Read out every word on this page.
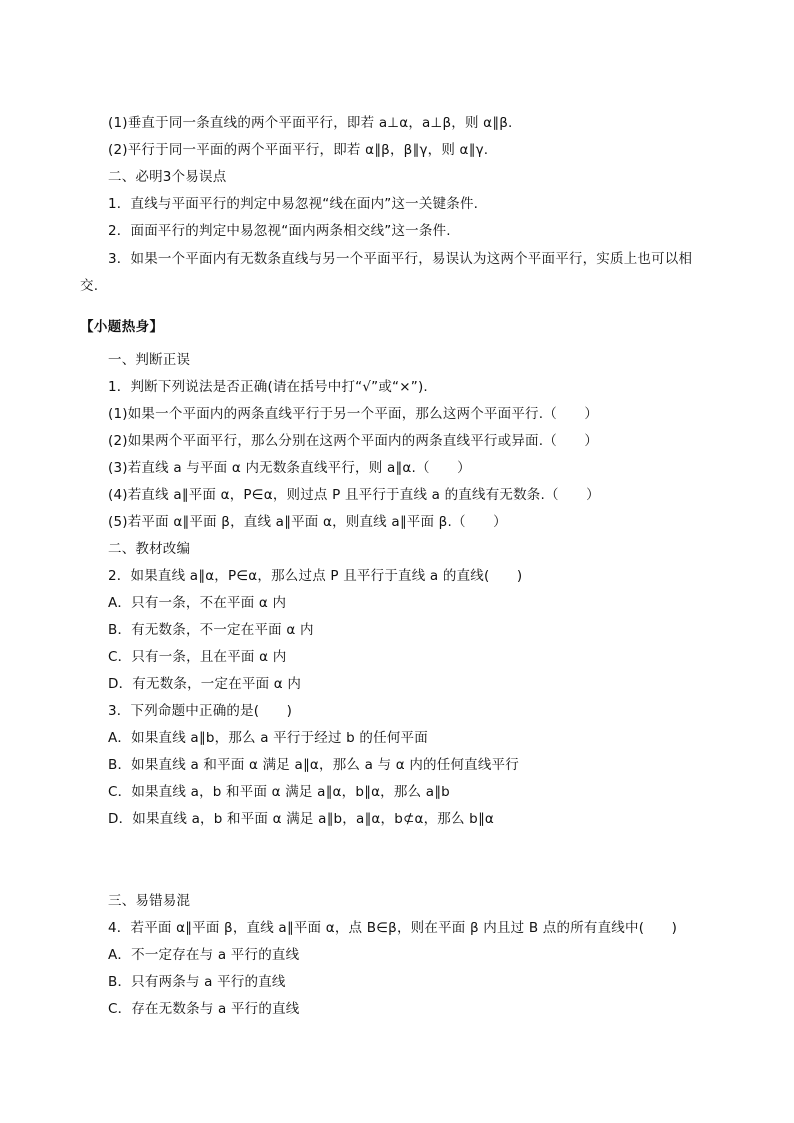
(1)垂直于同一条直线的两个平面平行，即若 a⊥α，a⊥β，则 α∥β.
(2)平行于同一平面的两个平面平行，即若 α∥β，β∥γ，则 α∥γ.
二、必明3个易误点
1．直线与平面平行的判定中易忽视“线在面内”这一关键条件.
2．面面平行的判定中易忽视“面内两条相交线”这一条件.
3．如果一个平面内有无数条直线与另一个平面平行，易误认为这两个平面平行，实质上也可以相交.
【小题热身】
一、判断正误
1．判断下列说法是否正确(请在括号中打“√”或“×”).
(1)如果一个平面内的两条直线平行于另一个平面，那么这两个平面平行.（　　）
(2)如果两个平面平行，那么分别在这两个平面内的两条直线平行或异面.（　　）
(3)若直线 a 与平面 α 内无数条直线平行，则 a∥α.（　　）
(4)若直线 a∥平面 α，P∈α，则过点 P 且平行于直线 a 的直线有无数条.（　　）
(5)若平面 α∥平面 β，直线 a∥平面 α，则直线 a∥平面 β.（　　）
二、教材改编
2．如果直线 a∥α，P∈α，那么过点 P 且平行于直线 a 的直线(　　)
A．只有一条，不在平面 α 内
B．有无数条，不一定在平面 α 内
C．只有一条，且在平面 α 内
D．有无数条，一定在平面 α 内
3．下列命题中正确的是(　　)
A．如果直线 a∥b，那么 a 平行于经过 b 的任何平面
B．如果直线 a 和平面 α 满足 a∥α，那么 a 与 α 内的任何直线平行
C．如果直线 a，b 和平面 α 满足 a∥α，b∥α，那么 a∥b
D．如果直线 a，b 和平面 α 满足 a∥b，a∥α，b⊄α，那么 b∥α
三、易错易混
4．若平面 α∥平面 β，直线 a∥平面 α，点 B∈β，则在平面 β 内且过 B 点的所有直线中(　　)
A．不一定存在与 a 平行的直线
B．只有两条与 a 平行的直线
C．存在无数条与 a 平行的直线
